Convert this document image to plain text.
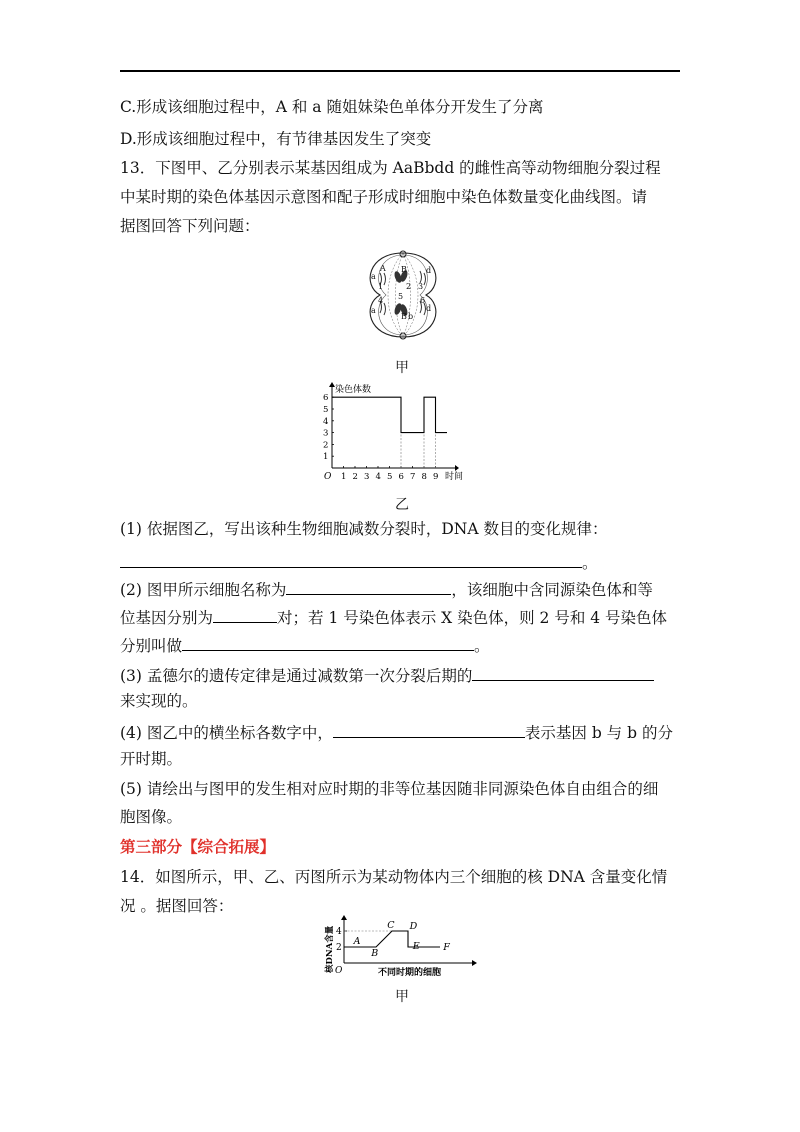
C.形成该细胞过程中，A 和 a 随姐妹染色单体分开发生了分离
D.形成该细胞过程中，有节律基因发生了突变
13．下图甲、乙分别表示某基因组成为 AaBbdd 的雌性高等动物细胞分裂过程
中某时期的染色体基因示意图和配子形成时细胞中染色体数量变化曲线图。请
据图回答下列问题：
a
A B
1	2 3
d
4 5 6
d
a
B b
甲
染色体数
时间
O 1 2 3 4 5 6 7 8 9
1
2
3
4
5
6
乙
(1) 依据图乙，写出该种生物细胞减数分裂时，DNA 数目的变化规律：
。
(2) 图甲所示细胞名称为	，该细胞中含同源染色体和等
位基因分别为	对；若 1 号染色体表示 X 染色体，则 2 号和 4 号染色体
分别叫做	。
(3) 孟德尔的遗传定律是通过减数第一次分裂后期的
来实现的。
(4) 图乙中的横坐标各数字中，	表示基因 b 与 b 的分
开时期。
(5) 请绘出与图甲的发生相对应时期的非等位基因随非同源染色体自由组合的细
胞图像。
第三部分【综合拓展】
14．如图所示，甲、乙、丙图所示为某动物体内三个细胞的核 DNA 含量变化情
况 。据图回答：
核DNA含量	不同时期的细胞
O
2
4
A
B
C D
E F
甲
